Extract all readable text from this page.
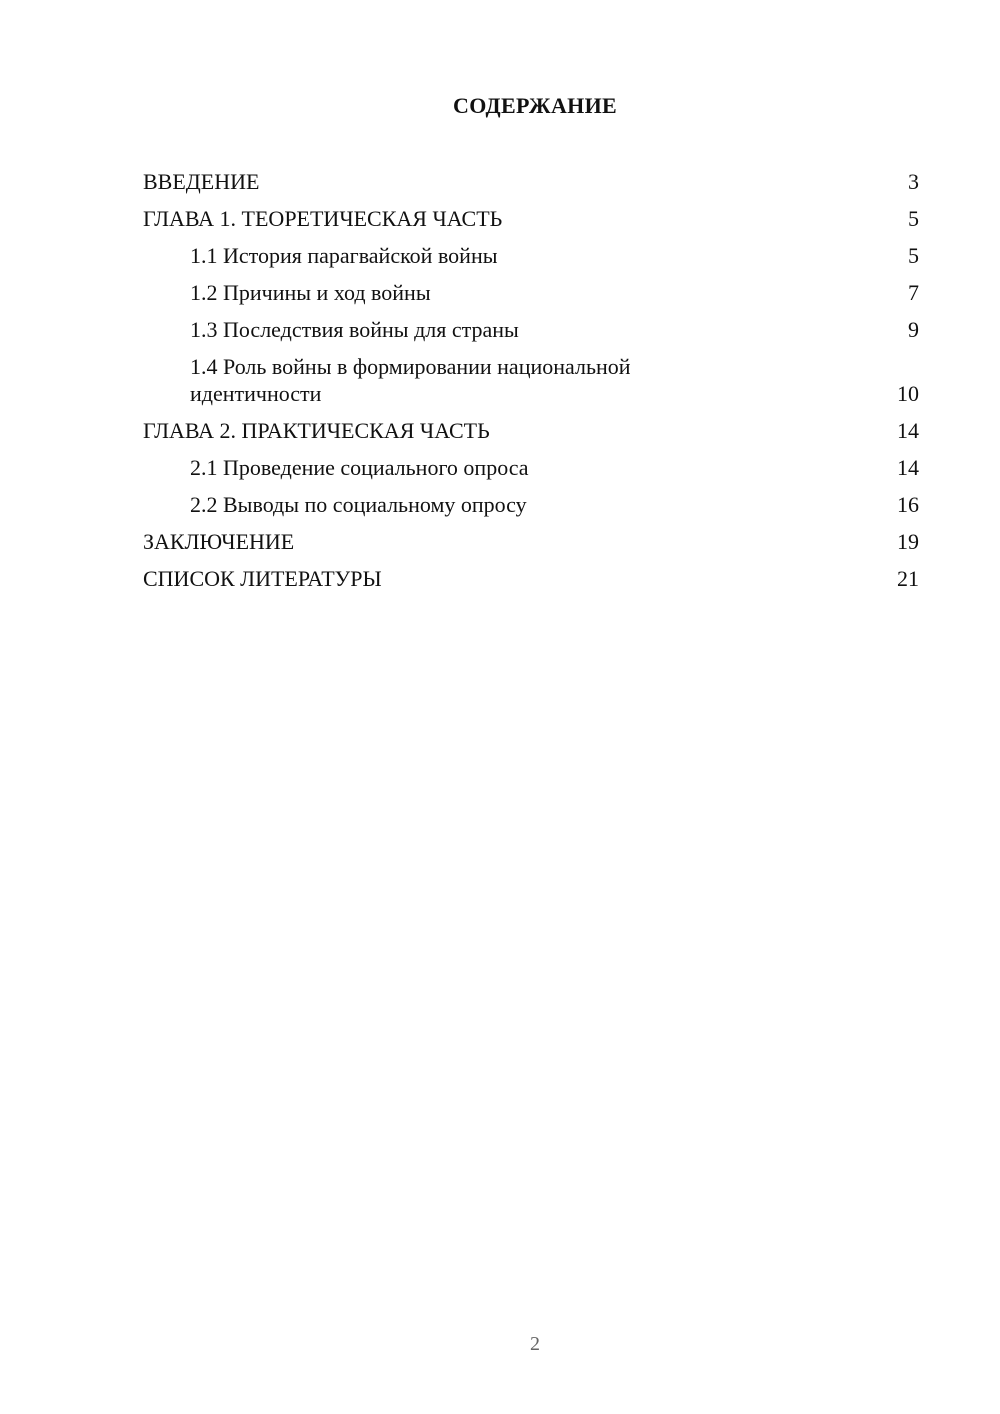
СОДЕРЖАНИЕ
ВВЕДЕНИЕ	3
ГЛАВА 1. ТЕОРЕТИЧЕСКАЯ ЧАСТЬ	5
1.1 История парагвайской войны	5
1.2 Причины и ход войны	7
1.3 Последствия войны для страны	9
1.4 Роль войны в формировании национальной идентичности	10
ГЛАВА 2. ПРАКТИЧЕСКАЯ ЧАСТЬ	14
2.1 Проведение социального опроса	14
2.2 Выводы по социальному опросу	16
ЗАКЛЮЧЕНИЕ	19
СПИСОК ЛИТЕРАТУРЫ	21
2
